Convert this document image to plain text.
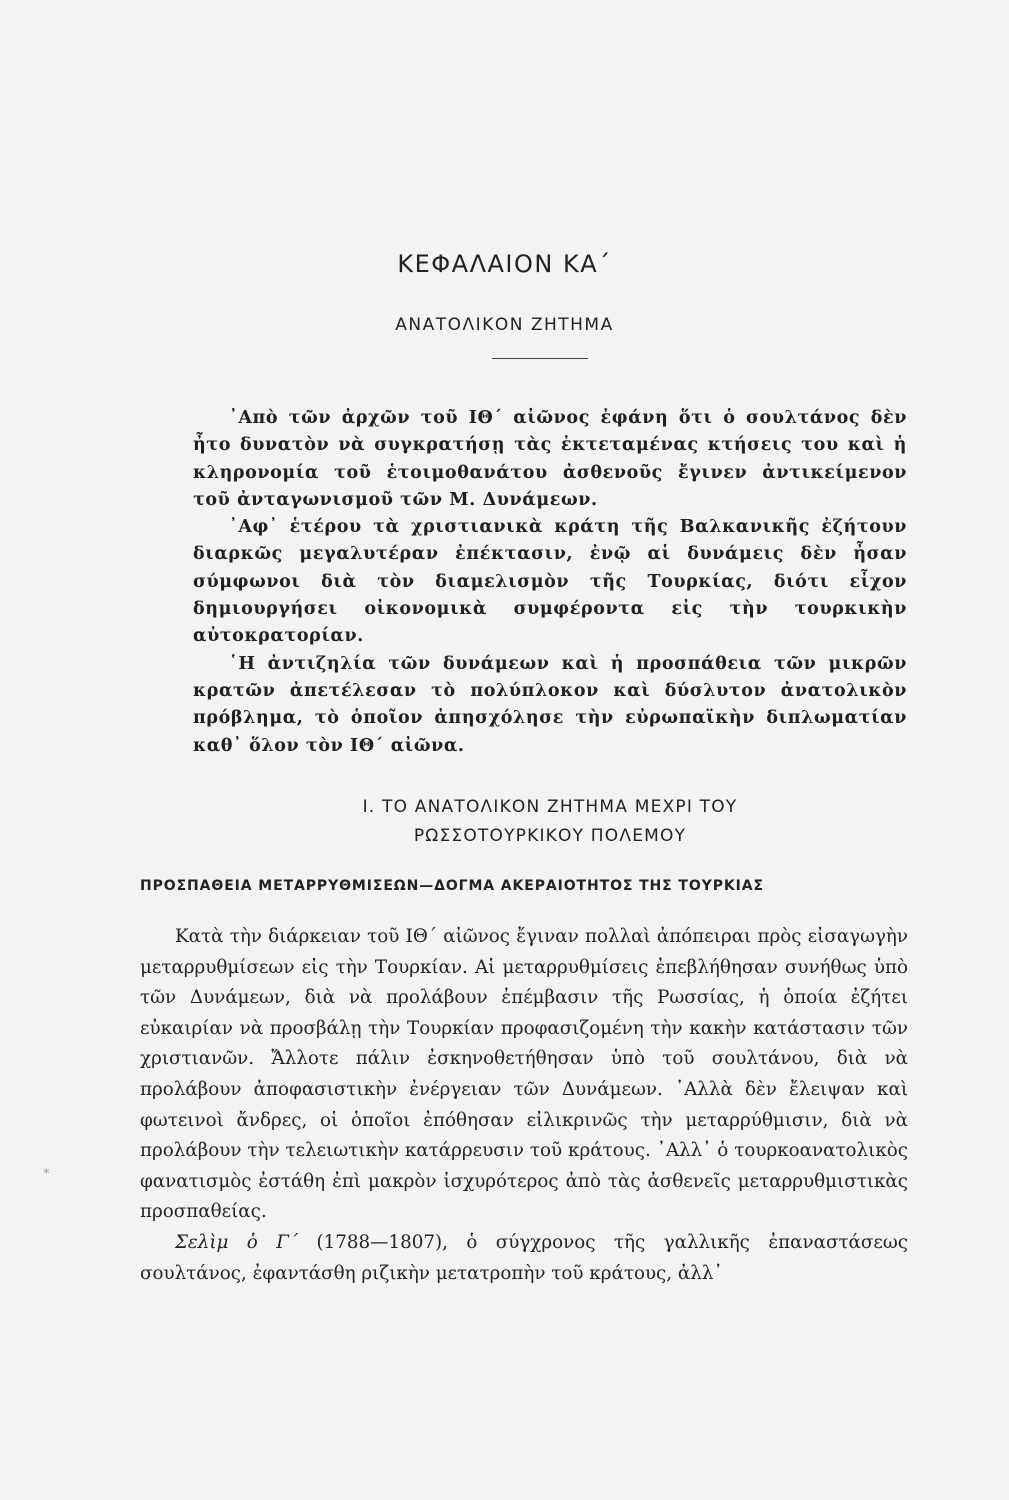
ΚΕΦΑΛΑΙΟΝ ΚΑ΄
ΑΝΑΤΟΛΙΚΟΝ ΖΗΤΗΜΑ

᾿Απὸ τῶν ἀρχῶν τοῦ ΙΘ΄ αἰῶνος ἐφάνη ὅτι ὁ σουλτάνος δὲν ἦτο δυνατὸν νὰ συγκρατήσῃ τὰς ἐκτεταμένας κτήσεις του καὶ ἡ κληρονομία τοῦ ἑτοιμοθανάτου ἀσθενοῦς ἔγινεν ἀντικείμενον τοῦ ἀνταγωνισμοῦ τῶν Μ. Δυνάμεων.

᾿Αφ᾿ ἑτέρου τὰ χριστιανικὰ κράτη τῆς Βαλκανικῆς ἐζήτουν διαρκῶς μεγαλυτέραν ἐπέκτασιν, ἐνῷ αἱ δυνάμεις δὲν ἦσαν σύμφωνοι διὰ τὸν διαμελισμὸν τῆς Τουρκίας, διότι εἶχον δημιουργήσει οἰκονομικὰ συμφέροντα εἰς τὴν τουρκικὴν αὐτοκρατορίαν.

῾Η ἀντιζηλία τῶν δυνάμεων καὶ ἡ προσπάθεια τῶν μικρῶν κρατῶν ἀπετέλεσαν τὸ πολύπλοκον καὶ δύσλυτον ἀνατολικὸν πρόβλημα, τὸ ὁποῖον ἀπησχόλησε τὴν εὐρωπαϊκὴν διπλωματίαν καθ᾿ ὅλον τὸν ΙΘ΄ αἰῶνα.

Ι. ΤΟ ΑΝΑΤΟΛΙΚΟΝ ΖΗΤΗΜΑ ΜΕΧΡΙ ΤΟΥ
ΡΩΣΣΟΤΟΥΡΚΙΚΟΥ ΠΟΛΕΜΟΥ
ΠΡΟΣΠΑΘΕΙΑ ΜΕΤΑΡΡΥΘΜΙΣΕΩΝ—ΔΟΓΜΑ ΑΚΕΡΑΙΟΤΗΤΟΣ ΤΗΣ ΤΟΥΡΚΙΑΣ

Κατὰ τὴν διάρκειαν τοῦ ΙΘ΄ αἰῶνος ἔγιναν πολλαὶ ἀπόπειραι πρὸς εἰσαγωγὴν μεταρρυθμίσεων εἰς τὴν Τουρκίαν. Αἱ μεταρρυθμίσεις ἐπεβλήθησαν συνήθως ὑπὸ τῶν Δυνάμεων, διὰ νὰ προλάβουν ἐπέμβασιν τῆς Ρωσσίας, ἡ ὁποία ἐζήτει εὐκαιρίαν νὰ προσβάλῃ τὴν Τουρκίαν προφασιζομένη τὴν κακὴν κατάστασιν τῶν χριστιανῶν. Ἄλλοτε πάλιν ἐσκηνοθετήθησαν ὑπὸ τοῦ σουλτάνου, διὰ νὰ προλάβουν ἀποφασιστικὴν ἐνέργειαν τῶν Δυνάμεων. ᾿Αλλὰ δὲν ἔλειψαν καὶ φωτεινοὶ ἄνδρες, οἱ ὁποῖοι ἐπόθησαν εἰλικρινῶς τὴν μεταρρύθμισιν, διὰ νὰ προλάβουν τὴν τελειωτικὴν κατάρρευσιν τοῦ κράτους. ᾿Αλλ᾿ ὁ τουρκοανατολικὸς φανατισμὸς ἐστάθη ἐπὶ μακρὸν ἰσχυρότερος ἀπὸ τὰς ἀσθενεῖς μεταρρυθμιστικὰς προσπαθείας.

Σελὶμ ὁ Γ΄ (1788—1807), ὁ σύγχρονος τῆς γαλλικῆς ἐπαναστάσεως σουλτάνος, ἐφαντάσθη ριζικὴν μετατροπὴν τοῦ κράτους, ἀλλ᾿

*
